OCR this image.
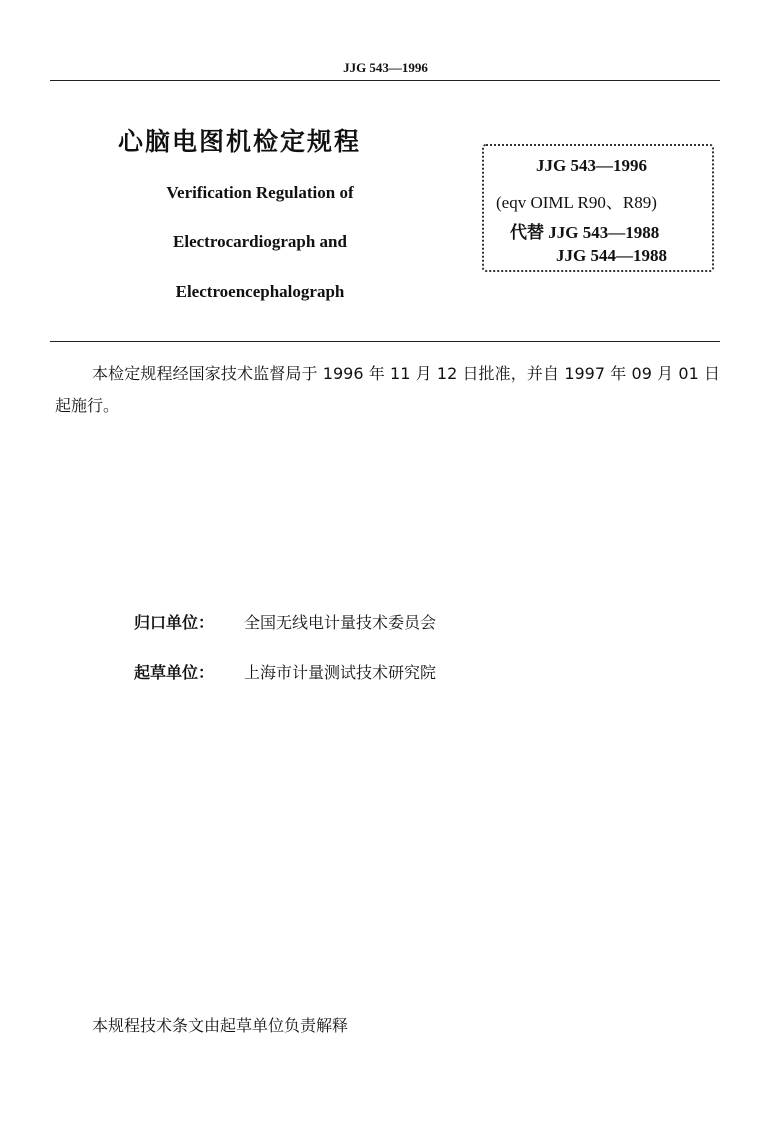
JJG 543—1996
心脑电图机检定规程
Verification Regulation of
Electrocardiograph and
Electroencephalograph
JJG 543—1996
(eqv OIML R90、R89)
代替 JJG 543—1988
JJG 544—1988
本检定规程经国家技术监督局于 1996 年 11 月 12 日批准，并自 1997 年 09 月 01 日起施行。
归口单位： 全国无线电计量技术委员会
起草单位： 上海市计量测试技术研究院
本规程技术条文由起草单位负责解释
